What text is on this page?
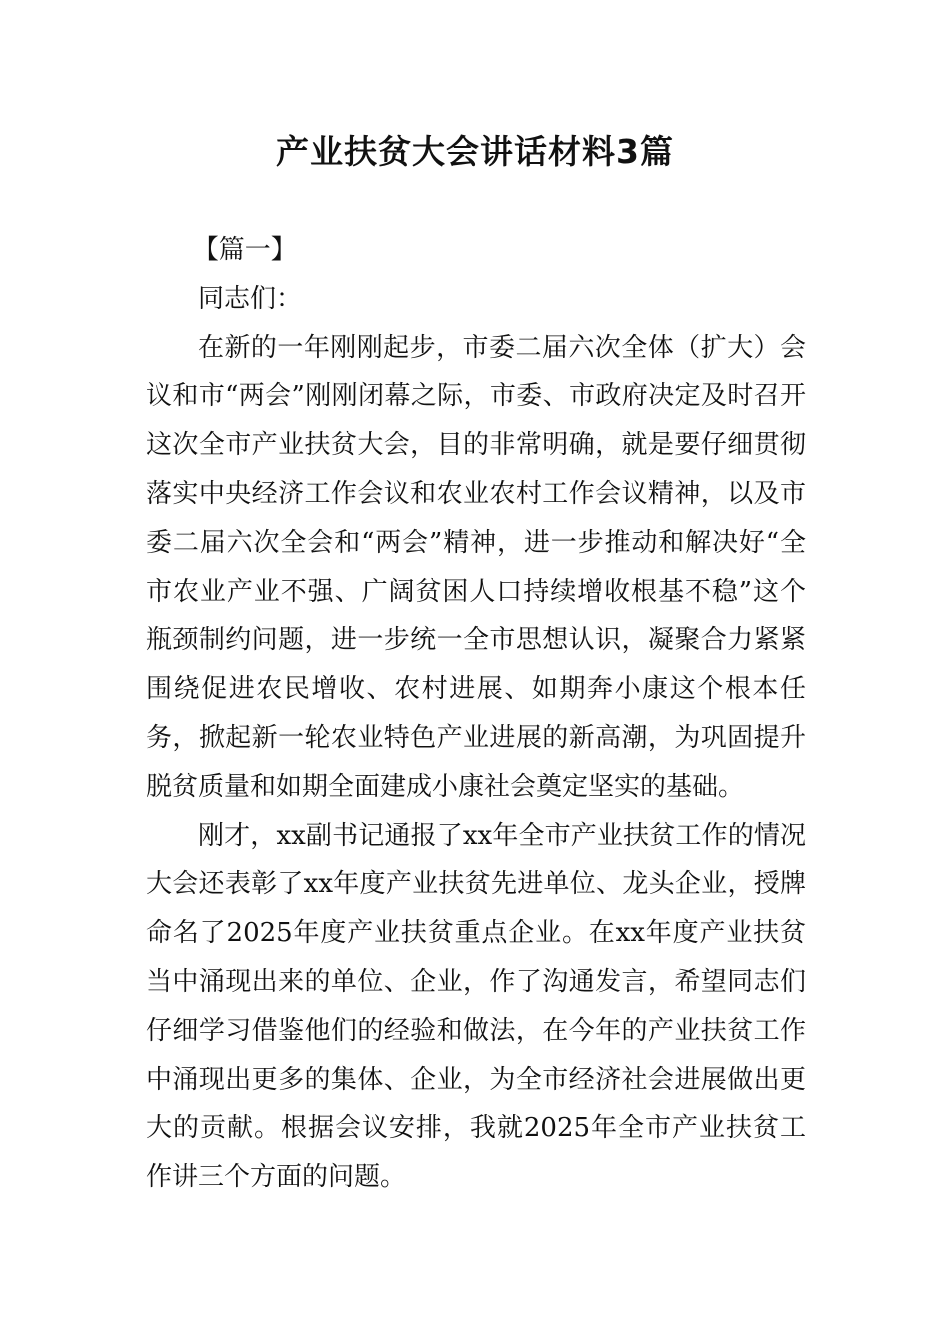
产业扶贫大会讲话材料3篇

【篇一】

同志们：

在新的一年刚刚起步，市委二届六次全体（扩大）会议和市“两会”刚刚闭幕之际，市委、市政府决定及时召开这次全市产业扶贫大会，目的非常明确，就是要仔细贯彻落实中央经济工作会议和农业农村工作会议精神，以及市委二届六次全会和“两会”精神，进一步推动和解决好“全市农业产业不强、广阔贫困人口持续增收根基不稳”这个瓶颈制约问题，进一步统一全市思想认识，凝聚合力紧紧围绕促进农民增收、农村进展、如期奔小康这个根本任务，掀起新一轮农业特色产业进展的新高潮，为巩固提升脱贫质量和如期全面建成小康社会奠定坚实的基础。

刚才，xx副书记通报了xx年全市产业扶贫工作的情况大会还表彰了xx年度产业扶贫先进单位、龙头企业，授牌命名了2025年度产业扶贫重点企业。在xx年度产业扶贫当中涌现出来的单位、企业，作了沟通发言，希望同志们仔细学习借鉴他们的经验和做法，在今年的产业扶贫工作中涌现出更多的集体、企业，为全市经济社会进展做出更大的贡献。根据会议安排，我就2025年全市产业扶贫工作讲三个方面的问题。
